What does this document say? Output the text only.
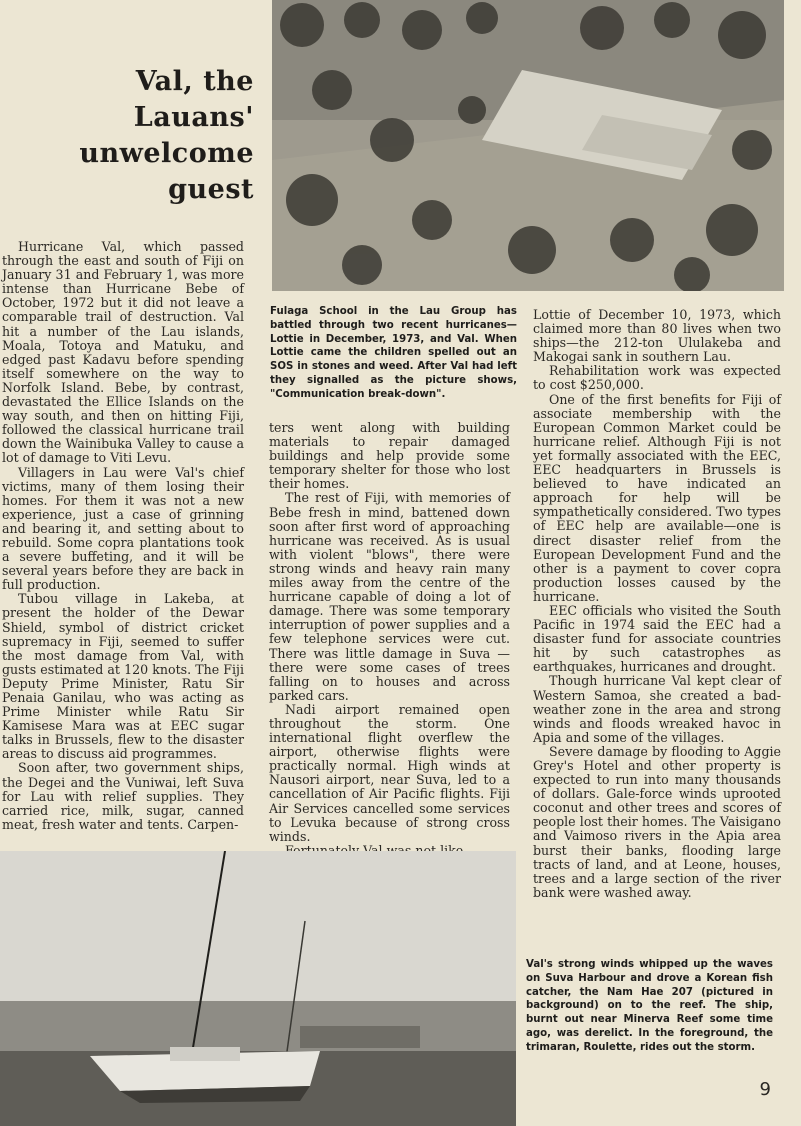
Val, the
Lauans'
unwelcome
guest

Hurricane Val, which passed through the east and south of Fiji on January 31 and February 1, was more intense than Hurricane Bebe of October, 1972 but it did not leave a comparable trail of destruction. Val hit a number of the Lau islands, Moala, Totoya and Matuku, and edged past Kadavu before spending itself somewhere on the way to Norfolk Island. Bebe, by contrast, devastated the Ellice Islands on the way south, and then on hitting Fiji, followed the classical hurricane trail down the Wainibuka Valley to cause a lot of damage to Viti Levu.

Villagers in Lau were Val's chief victims, many of them losing their homes. For them it was not a new experience, just a case of grinning and bearing it, and setting about to rebuild. Some copra plantations took a severe buffeting, and it will be several years before they are back in full production.

Tubou village in Lakeba, at present the holder of the Dewar Shield, symbol of district cricket supremacy in Fiji, seemed to suffer the most damage from Val, with gusts estimated at 120 knots. The Fiji Deputy Prime Minister, Ratu Sir Penaia Ganilau, who was acting as Prime Minister while Ratu Sir Kamisese Mara was at EEC sugar talks in Brussels, flew to the disaster areas to discuss aid programmes.

Soon after, two government ships, the Degei and the Vuniwai, left Suva for Lau with relief supplies. They carried rice, milk, sugar, canned meat, fresh water and tents. Carpen-

Fulaga School in the Lau Group has battled through two recent hurricanes—Lottie in December, 1973, and Val. When Lottie came the children spelled out an SOS in stones and weed. After Val had left they signalled as the picture shows, "Communication break-down".

ters went along with building materials to repair damaged buildings and help provide some temporary shelter for those who lost their homes.

The rest of Fiji, with memories of Bebe fresh in mind, battened down soon after first word of approaching hurricane was received. As is usual with violent "blows", there were strong winds and heavy rain many miles away from the centre of the hurricane capable of doing a lot of damage. There was some temporary interruption of power supplies and a few telephone services were cut. There was little damage in Suva —there were some cases of trees falling on to houses and across parked cars.

Nadi airport remained open throughout the storm. One international flight overflew the airport, otherwise flights were practically normal. High winds at Nausori airport, near Suva, led to a cancellation of Air Pacific flights. Fiji Air Services cancelled some services to Levuka because of strong cross winds.

Lottie of December 10, 1973, which claimed more than 80 lives when two ships—the 212-ton Ululakeba and Makogai sank in southern Lau.

Rehabilitation work was expected to cost $250,000.

One of the first benefits for Fiji of associate membership with the European Common Market could be hurricane relief. Although Fiji is not yet formally associated with the EEC, EEC headquarters in Brussels is believed to have indicated an approach for help will be sympathetically considered. Two types of EEC help are available—one is direct disaster relief from the European Development Fund and the other is a payment to cover copra production losses caused by the hurricane.

EEC officials who visited the South Pacific in 1974 said the EEC had a disaster fund for associate countries hit by such catastrophes as earthquakes, hurricanes and drought.

Though hurricane Val kept clear of Western Samoa, she created a bad-weather zone in the area and strong winds and floods wreaked havoc in Apia and some of the villages.

Severe damage by flooding to Aggie Grey's Hotel and other property is expected to run into many thousands of dollars. Gale-force winds uprooted coconut and other trees and scores of people lost their homes. The Vaisigano and Vaimoso rivers in the Apia area burst their banks, flooding large tracts of land, and at Leone, houses, trees and a large section of the river bank were washed away.

Val's strong winds whipped up the waves on Suva Harbour and drove a Korean fish catcher, the Nam Hae 207 (pictured in background) on to the reef. The ship, burnt out near Minerva Reef some time ago, was derelict. In the foreground, the trimaran, Roulette, rides out the storm.
9
